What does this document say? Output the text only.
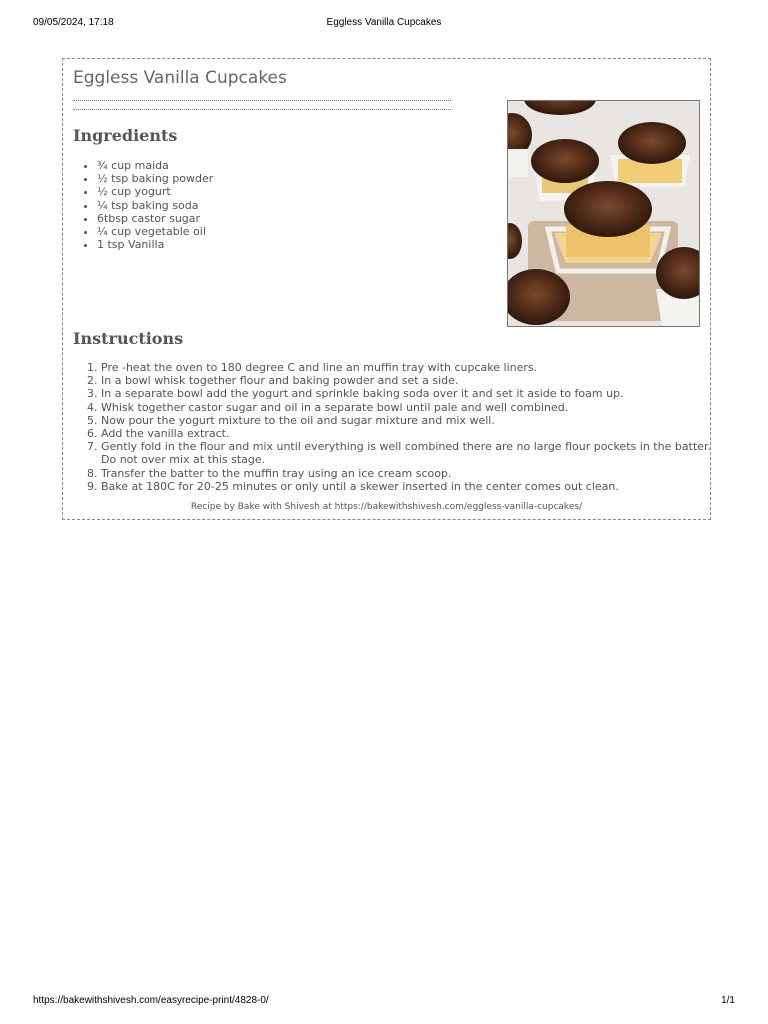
09/05/2024, 17:18	Eggless Vanilla Cupcakes
Eggless Vanilla Cupcakes
Ingredients
• ¾ cup maida
• ½ tsp baking powder
• ½ cup yogurt
• ¼ tsp baking soda
• 6tbsp castor sugar
• ¼ cup vegetable oil
• 1 tsp Vanilla
Instructions
1. Pre -heat the oven to 180 degree C and line an muffin tray with cupcake liners.
2. In a bowl whisk together flour and baking powder and set a side.
3. In a separate bowl add the yogurt and sprinkle baking soda over it and set it aside to foam up.
4. Whisk together castor sugar and oil in a separate bowl until pale and well combined.
5. Now pour the yogurt mixture to the oil and sugar mixture and mix well.
6. Add the vanilla extract.
7. Gently fold in the flour and mix until everything is well combined there are no large flour pockets in the batter. Do not over mix at this stage.
8. Transfer the batter to the muffin tray using an ice cream scoop.
9. Bake at 180C for 20-25 minutes or only until a skewer inserted in the center comes out clean.
Recipe by Bake with Shivesh at https://bakewithshivesh.com/eggless-vanilla-cupcakes/
https://bakewithshivesh.com/easyrecipe-print/4828-0/	1/1
